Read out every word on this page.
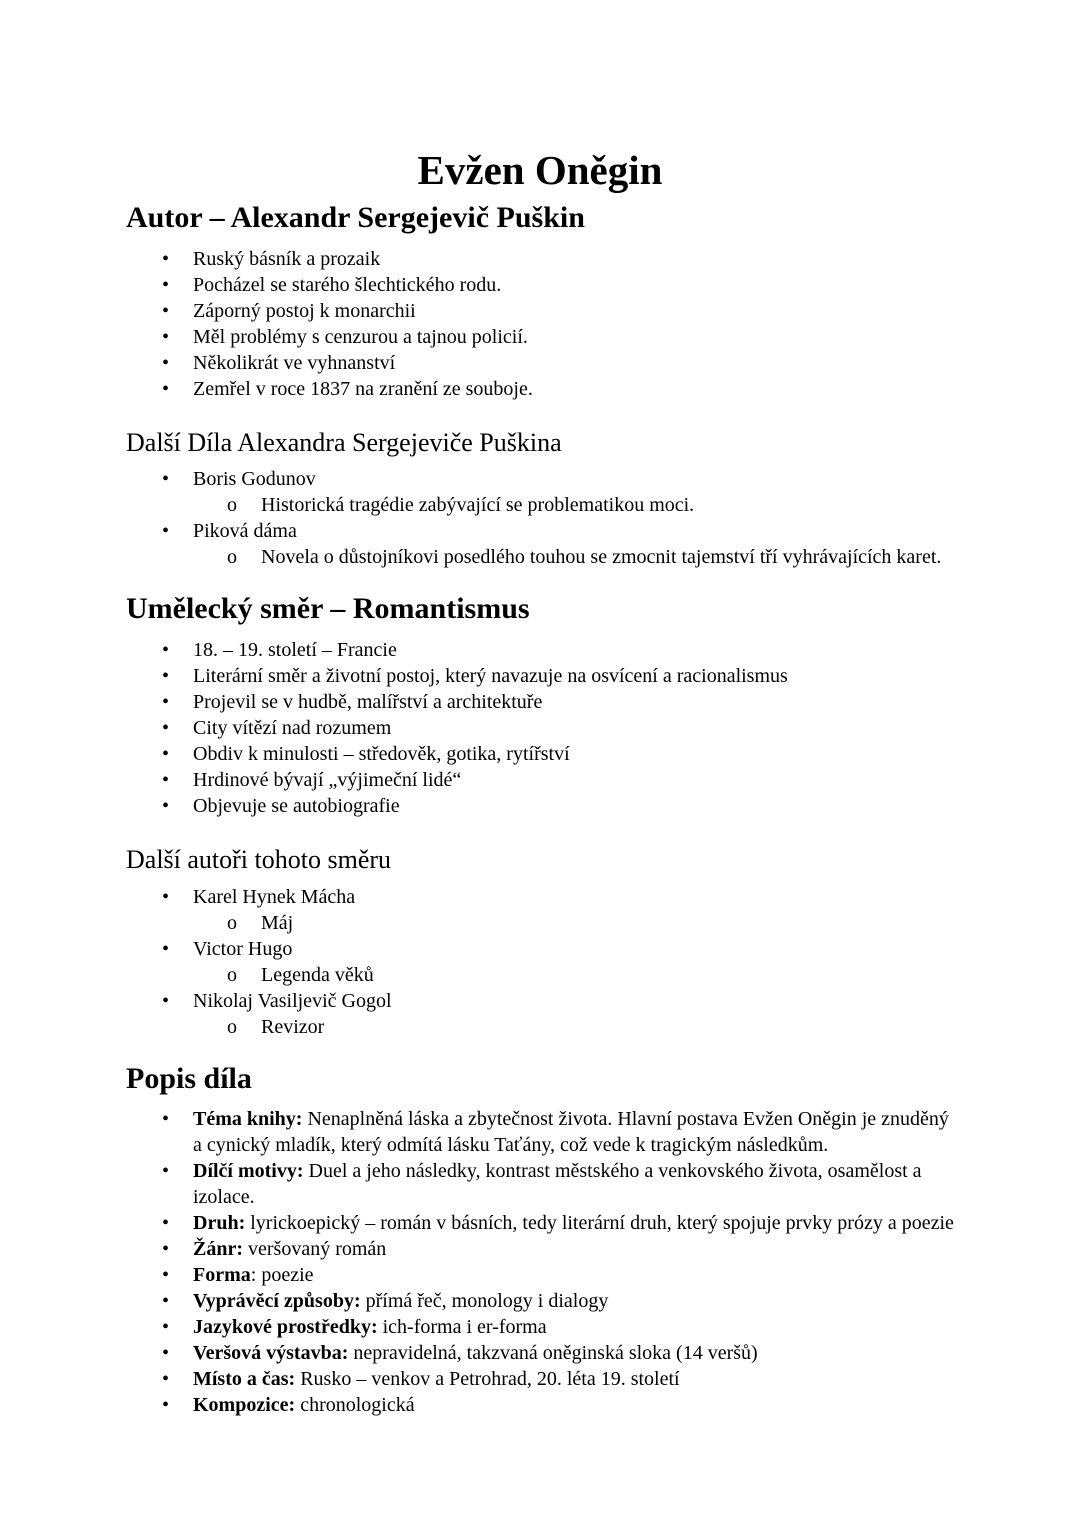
Evžen Oněgin
Autor – Alexandr Sergejevič Puškin
• Ruský básník a prozaik
• Pocházel se starého šlechtického rodu.
• Záporný postoj k monarchii
• Měl problémy s cenzurou a tajnou policií.
• Několikrát ve vyhnanství
• Zemřel v roce 1837 na zranění ze souboje.
Další Díla Alexandra Sergejeviče Puškina
• Boris Godunov
o Historická tragédie zabývající se problematikou moci.
• Piková dáma
o Novela o důstojníkovi posedlého touhou se zmocnit tajemství tří vyhrávajících karet.
Umělecký směr – Romantismus
• 18. – 19. století – Francie
• Literární směr a životní postoj, který navazuje na osvícení a racionalismus
• Projevil se v hudbě, malířství a architektuře
• City vítězí nad rozumem
• Obdiv k minulosti – středověk, gotika, rytířství
• Hrdinové bývají „výjimeční lidé“
• Objevuje se autobiografie
Další autoři tohoto směru
• Karel Hynek Mácha
o Máj
• Victor Hugo
o Legenda věků
• Nikolaj Vasiljevič Gogol
o Revizor
Popis díla
• Téma knihy: Nenaplněná láska a zbytečnost života. Hlavní postava Evžen Oněgin je znuděný a cynický mladík, který odmítá lásku Taťány, což vede k tragickým následkům.
• Dílčí motivy: Duel a jeho následky, kontrast městského a venkovského života, osamělost a izolace.
• Druh: lyrickoepický – román v básních, tedy literární druh, který spojuje prvky prózy a poezie
• Žánr: veršovaný román
• Forma: poezie
• Vyprávěcí způsoby: přímá řeč, monology i dialogy
• Jazykové prostředky: ich-forma i er-forma
• Veršová výstavba: nepravidelná, takzvaná oněginská sloka (14 veršů)
• Místo a čas: Rusko – venkov a Petrohrad, 20. léta 19. století
• Kompozice: chronologická
